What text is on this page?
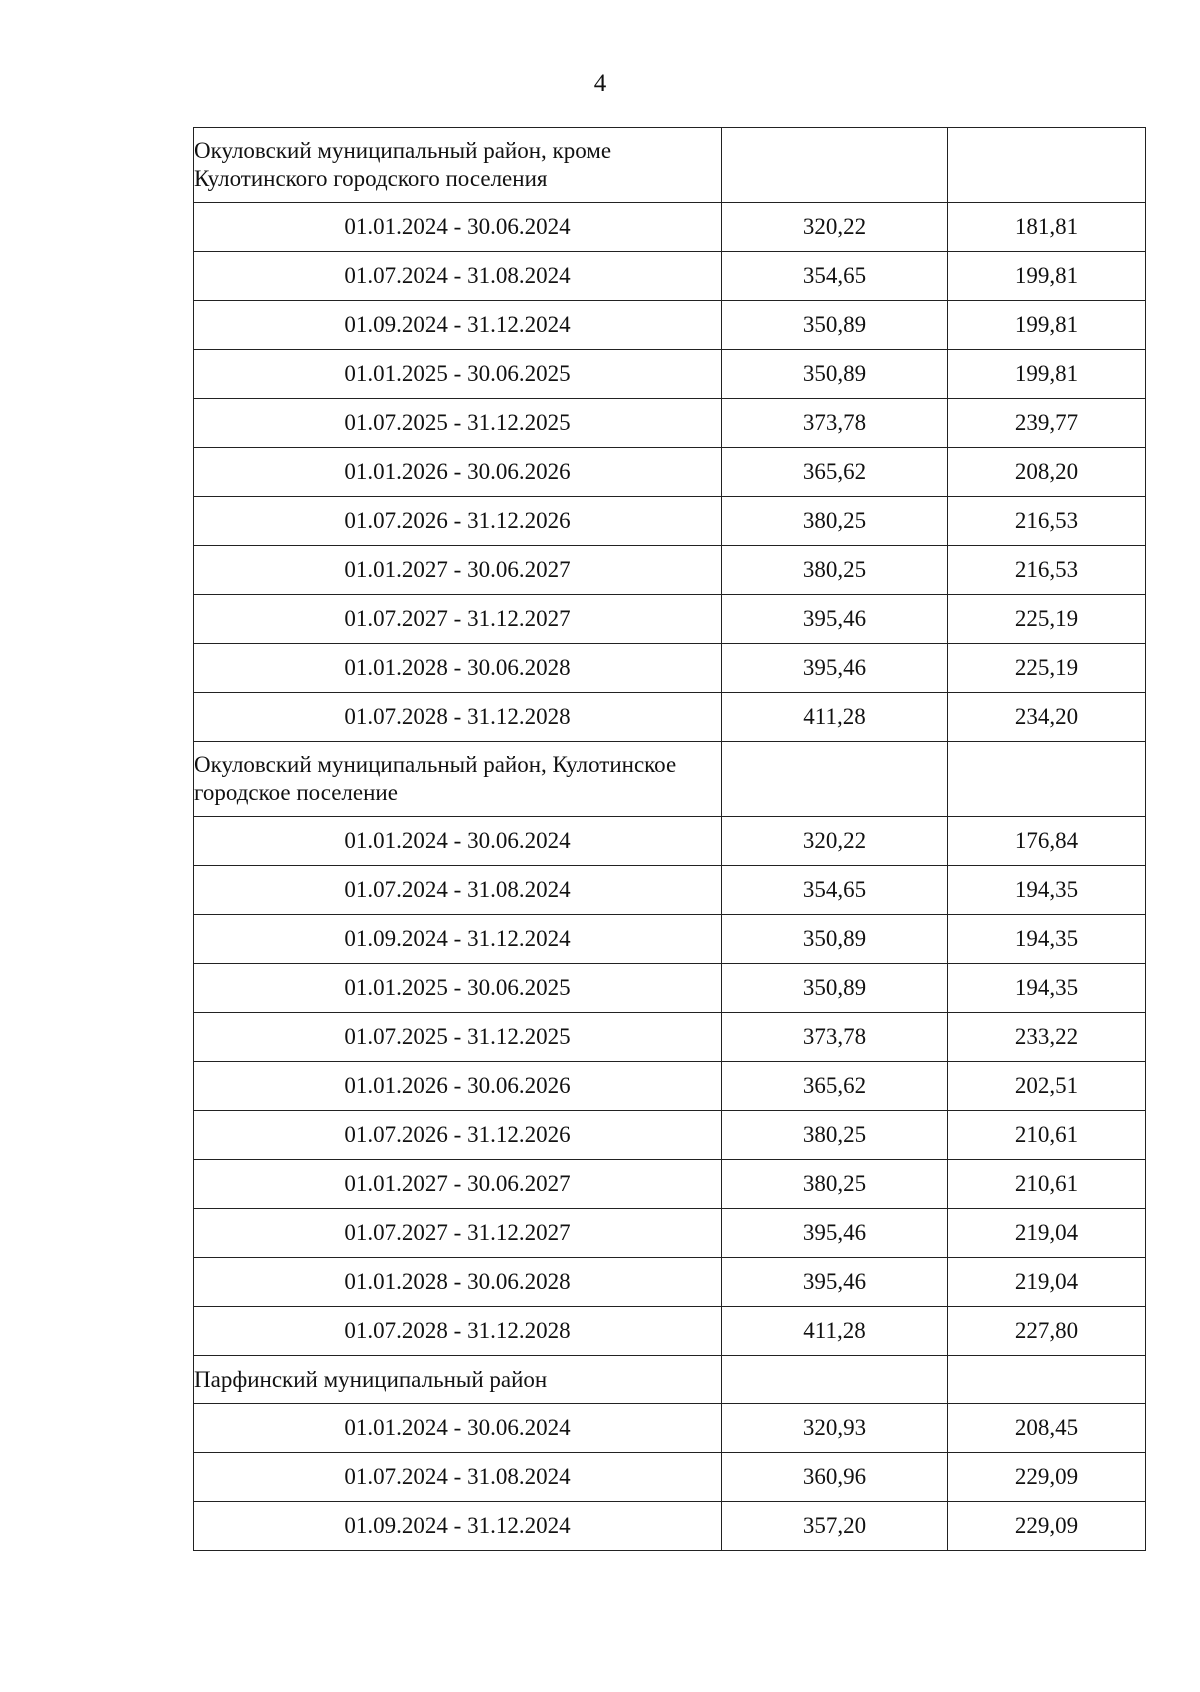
4
Окуловский муниципальный район, кроме Кулотинского городского поселения		
01.01.2024 - 30.06.2024	320,22	181,81
01.07.2024 - 31.08.2024	354,65	199,81
01.09.2024 - 31.12.2024	350,89	199,81
01.01.2025 - 30.06.2025	350,89	199,81
01.07.2025 - 31.12.2025	373,78	239,77
01.01.2026 - 30.06.2026	365,62	208,20
01.07.2026 - 31.12.2026	380,25	216,53
01.01.2027 - 30.06.2027	380,25	216,53
01.07.2027 - 31.12.2027	395,46	225,19
01.01.2028 - 30.06.2028	395,46	225,19
01.07.2028 - 31.12.2028	411,28	234,20
Окуловский муниципальный район, Кулотинское городское поселение		
01.01.2024 - 30.06.2024	320,22	176,84
01.07.2024 - 31.08.2024	354,65	194,35
01.09.2024 - 31.12.2024	350,89	194,35
01.01.2025 - 30.06.2025	350,89	194,35
01.07.2025 - 31.12.2025	373,78	233,22
01.01.2026 - 30.06.2026	365,62	202,51
01.07.2026 - 31.12.2026	380,25	210,61
01.01.2027 - 30.06.2027	380,25	210,61
01.07.2027 - 31.12.2027	395,46	219,04
01.01.2028 - 30.06.2028	395,46	219,04
01.07.2028 - 31.12.2028	411,28	227,80
Парфинский муниципальный район		
01.01.2024 - 30.06.2024	320,93	208,45
01.07.2024 - 31.08.2024	360,96	229,09
01.09.2024 - 31.12.2024	357,20	229,09
